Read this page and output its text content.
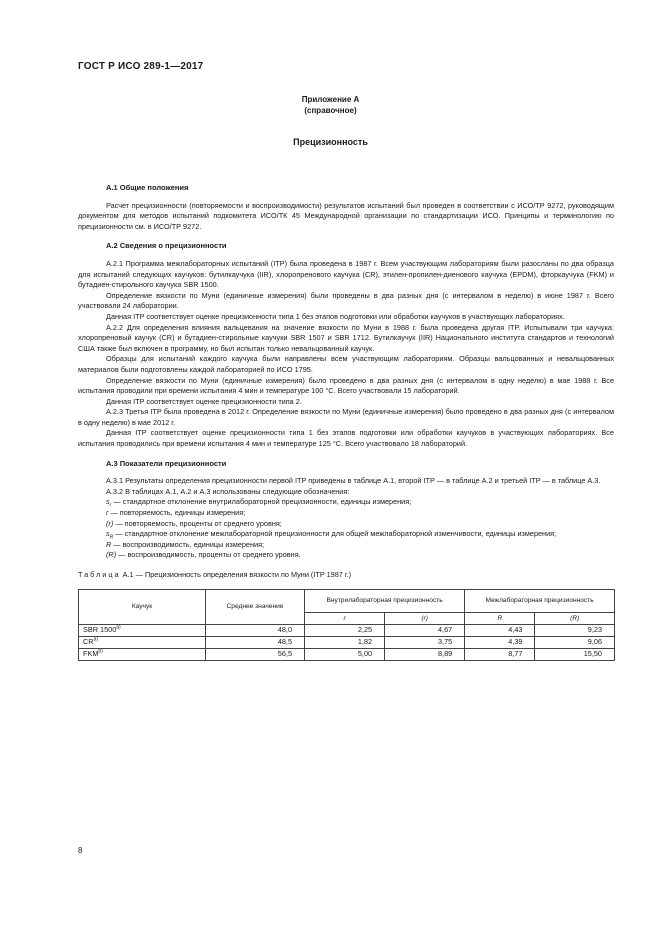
ГОСТ Р ИСО 289-1—2017
Приложение А
(справочное)
Прецизионность
А.1 Общие положения

Расчет прецизионности (повторяемости и воспроизводимости) результатов испытаний был проведен в соответствии с ИСО/ТР 9272, руководящим документом для методов испытаний подкомитета ИСО/ТК 45 Международной организации по стандартизации ИСО. Принципы и терминологию по прецизионности см. в ИСО/ТР 9272.

А.2 Сведения о прецизионности

А.2.1 Программа межлабораторных испытаний (ITP) была проведена в 1987 г. Всем участвующим лабораториям были разосланы по два образца для испытаний следующих каучуков: бутилкаучука (IIR), хлоропренового каучука (CR), этилен-пропилен-диенового каучука (EPDM), фторкаучука (FKM) и бутадиен-стирольного каучука SBR 1500.

Определение вязкости по Муни (единичные измерения) были проведены в два разных дня (с интервалом в неделю) в июне 1987 г. Всего участвовали 24 лаборатории.

Данная ITP соответствует оценке прецизионности типа 1 без этапов подготовки или обработки каучуков в участвующих лабораториях.

А.2.2 Для определения влияния вальцевания на значение вязкости по Муни в 1988 г. была проведена другая ITP. Испытывали три каучука: хлоропреновый каучук (CR) и бутадиен-стирольные каучуки SBR 1507 и SBR 1712. Бутилкаучук (IIR) Национального института стандартов и технологий США также был включен в программу, но был испытан только невальцованный каучук.

Образцы для испытаний каждого каучука были направлены всем участвующим лабораториям. Образцы вальцованных и невальцованных материалов были подготовлены каждой лабораторией по ИСО 1795.

Определение вязкости по Муни (единичные измерения) было проведено в два разных дня (с интервалом в одну неделю) в мае 1988 г. Все испытания проводили при времени испытания 4 мин и температуре 100 °С. Всего участвовали 15 лабораторий.

Данная ITP соответствует оценке прецизионности типа 2.

А.2.3 Третья ITP была проведена в 2012 г. Определение вязкости по Муни (единичные измерения) было проведено в два разных дня (с интервалом в одну неделю) в мае 2012 г.

Данная ITP соответствует оценке прецизионности типа 1 без этапов подготовки или обработки каучуков в участвующих лабораториях. Все испытания проводились при времени испытания 4 мин и температуре 125 °С. Всего участвовало 18 лабораторий.

А.3 Показатели прецизионности

А.3.1 Результаты определения прецизионности первой ITP приведены в таблице А.1, второй ITP — в таблице А.2 и третьей ITP — в таблице А.3.

А.3.2 В таблицах А.1, А.2 и А.3 использованы следующие обозначения:

$s_r$ — стандартное отклонение внутрилабораторной прецизионности, единицы измерения;

r — повторяемость, единицы измерения;

(r) — повторяемость, проценты от среднего уровня;

$s_R$ — стандартное отклонение межлабораторной прецизионности для общей межлабораторной изменчивости, единицы измерения;

R — воспроизводимость, единицы измерения;

(R) — воспроизводимость, проценты от среднего уровня.

Таблица А.1 — Прецизионность определения вязкости по Муни (ITP 1987 г.)
Каучук	Среднее значение	Внутрилабораторная прецизионность		Межлабораторная прецизионность	
		r	(r)	R	(R)
SBR 1500$^{a)}$	48,0	2,25	4,67	4,43	9,23
CR$^{a)}$	48,5	1,82	3,75	4,39	9,06
FKM$^{b)}$	56,5	5,00	8,89	8,77	15,50
8
